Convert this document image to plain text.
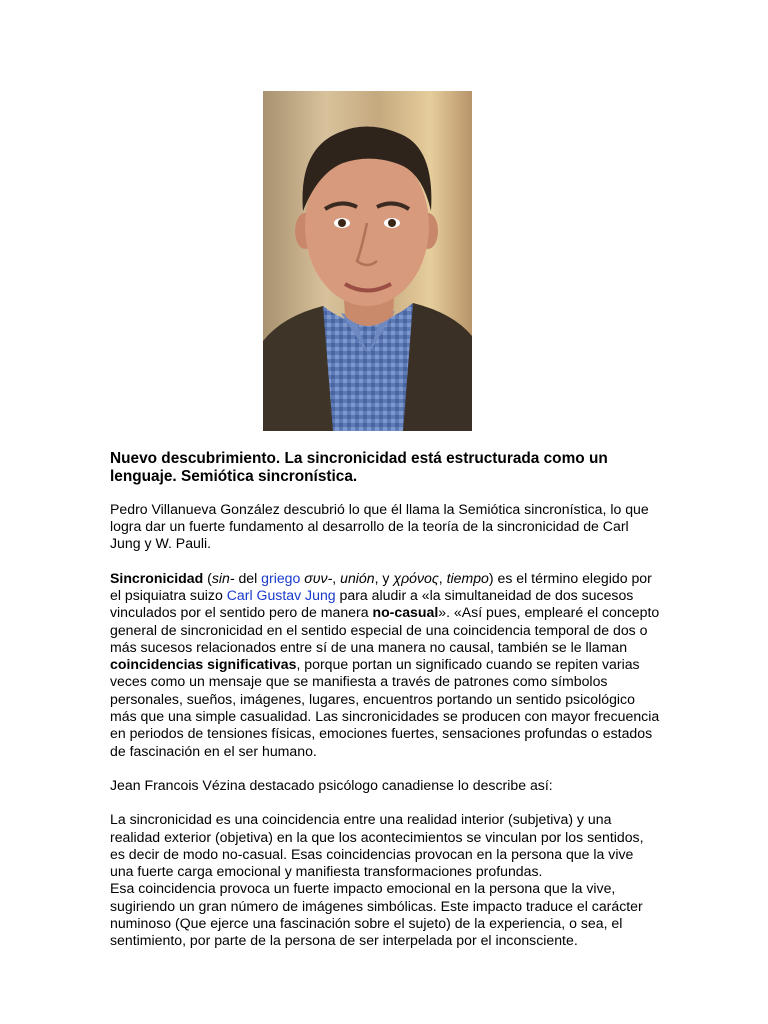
Nuevo descubrimiento. La sincronicidad está estructurada como un lenguaje. Semiótica sincronística.

Pedro Villanueva González descubrió lo que él llama la Semiótica sincronística, lo que logra dar un fuerte fundamento al desarrollo de la teoría de la sincronicidad de Carl Jung y W. Pauli.

Sincronicidad (sin- del griego συν-, unión, y χρόνος, tiempo) es el término elegido por el psiquiatra suizo Carl Gustav Jung para aludir a «la simultaneidad de dos sucesos vinculados por el sentido pero de manera no-casual». «Así pues, emplearé el concepto general de sincronicidad en el sentido especial de una coincidencia temporal de dos o más sucesos relacionados entre sí de una manera no causal, también se le llaman coincidencias significativas, porque portan un significado cuando se repiten varias veces como un mensaje que se manifiesta a través de patrones como símbolos personales, sueños, imágenes, lugares, encuentros portando un sentido psicológico más que una simple casualidad. Las sincronicidades se producen con mayor frecuencia en periodos de tensiones físicas, emociones fuertes, sensaciones profundas o estados de fascinación en el ser humano.

Jean Francois Vézina destacado psicólogo canadiense lo describe así:

La sincronicidad es una coincidencia entre una realidad interior (subjetiva) y una realidad exterior (objetiva) en la que los acontecimientos se vinculan por los sentidos, es decir de modo no-casual. Esas coincidencias provocan en la persona que la vive una fuerte carga emocional y manifiesta transformaciones profundas.

Esa coincidencia provoca un fuerte impacto emocional en la persona que la vive, sugiriendo un gran número de imágenes simbólicas. Este impacto traduce el carácter numinoso (Que ejerce una fascinación sobre el sujeto) de la experiencia, o sea, el sentimiento, por parte de la persona de ser interpelada por el inconsciente.
